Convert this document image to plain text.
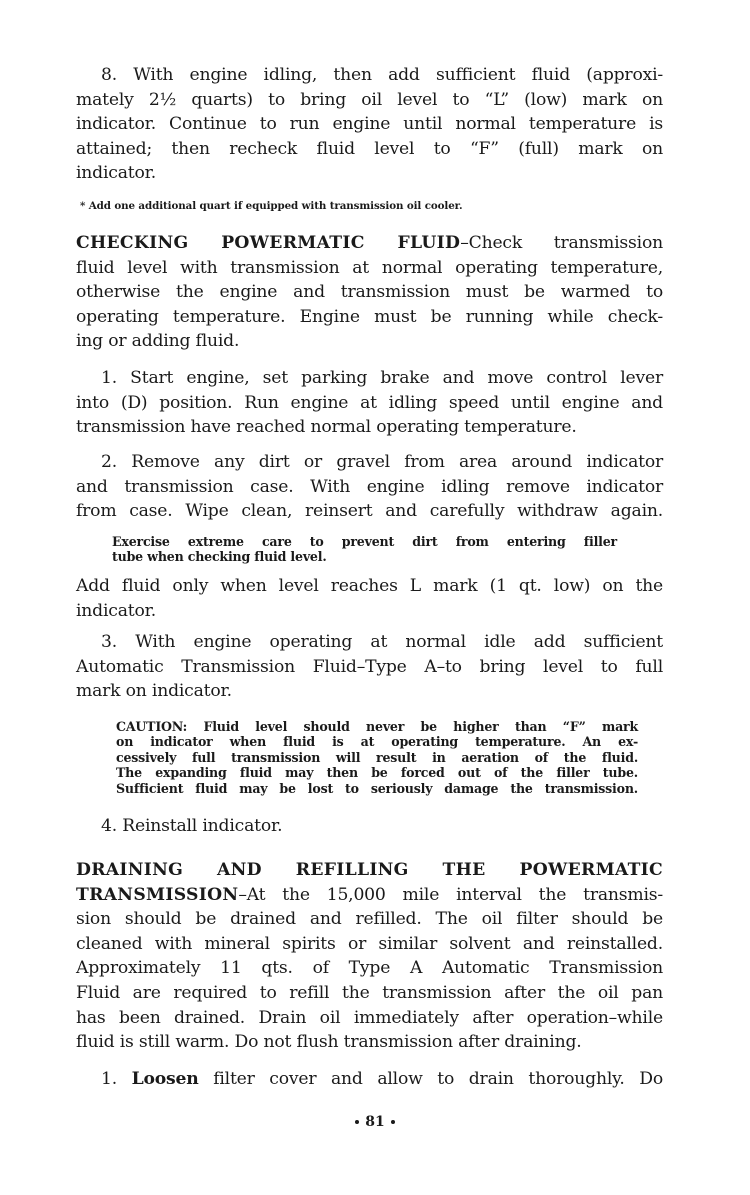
8. With engine idling, then add sufficient fluid (approxi-
mately 2½ quarts) to bring oil level to “L” (low) mark on
indicator. Continue to run engine until normal temperature is
attained; then recheck fluid level to “F” (full) mark on
indicator.
* Add one additional quart if equipped with transmission oil cooler.
CHECKING POWERMATIC FLUID–Check transmission
fluid level with transmission at normal operating temperature,
otherwise the engine and transmission must be warmed to
operating temperature. Engine must be running while check-
ing or adding fluid.
1. Start engine, set parking brake and move control lever
into (D) position. Run engine at idling speed until engine and
transmission have reached normal operating temperature.
2. Remove any dirt or gravel from area around indicator
and transmission case. With engine idling remove indicator
from case. Wipe clean, reinsert and carefully withdraw again.
Exercise extreme care to prevent dirt from entering filler
tube when checking fluid level.
Add fluid only when level reaches L mark (1 qt. low) on the
indicator.
3. With engine operating at normal idle add sufficient
Automatic Transmission Fluid–Type A–to bring level to full
mark on indicator.
CAUTION: Fluid level should never be higher than “F” mark
on indicator when fluid is at operating temperature. An ex-
cessively full transmission will result in aeration of the fluid.
The expanding fluid may then be forced out of the filler tube.
Sufficient fluid may be lost to seriously damage the transmission.
4. Reinstall indicator.
DRAINING AND REFILLING THE POWERMATIC
TRANSMISSION–At the 15,000 mile interval the transmis-
sion should be drained and refilled. The oil filter should be
cleaned with mineral spirits or similar solvent and reinstalled.
Approximately 11 qts. of Type A Automatic Transmission
Fluid are required to refill the transmission after the oil pan
has been drained. Drain oil immediately after operation–while
fluid is still warm. Do not flush transmission after draining.
1. Loosen filter cover and allow to drain thoroughly. Do
81
